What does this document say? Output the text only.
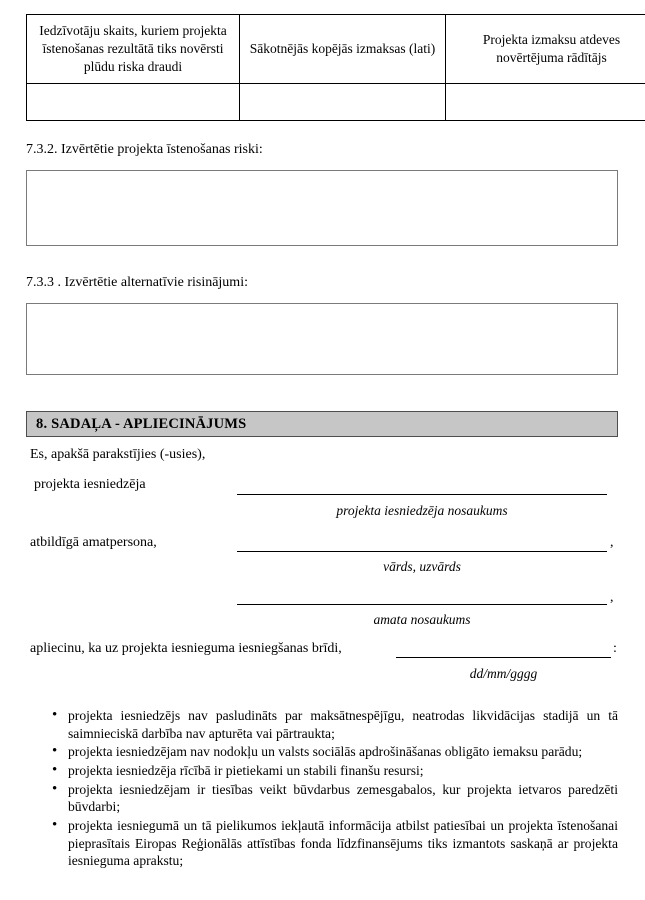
Iedzīvotāju skaits, kuriem projekta īstenošanas rezultātā tiks novērsti plūdu riska draudi	Sākotnējās kopējās izmaksas (lati)	Projekta izmaksu atdeves novērtējuma rādītājs

7.3.2. Izvērtētie projekta īstenošanas riski:
7.3.3 . Izvērtētie alternatīvie risinājumi:
8. SADAĻA - APLIECINĀJUMS
Es, apakšā parakstījies (-usies),
projekta iesniedzēja
projekta iesniedzēja nosaukums
atbildīgā amatpersona,	,
vārds, uzvārds
,
amata nosaukums
apliecinu, ka uz projekta iesnieguma iesniegšanas brīdi,	:
dd/mm/gggg
• projekta iesniedzējs nav pasludināts par maksātnespējīgu, neatrodas likvidācijas stadijā un tā saimnieciskā darbība nav apturēta vai pārtraukta;
• projekta iesniedzējam nav nodokļu un valsts sociālās apdrošināšanas obligāto iemaksu parādu;
• projekta iesniedzēja rīcībā ir pietiekami un stabili finanšu resursi;
• projekta iesniedzējam ir tiesības veikt būvdarbus zemesgabalos, kur projekta ietvaros paredzēti būvdarbi;
• projekta iesniegumā un tā pielikumos iekļautā informācija atbilst patiesībai un projekta īstenošanai pieprasītais Eiropas Reģionālās attīstības fonda līdzfinansējums tiks izmantots saskaņā ar projekta iesnieguma aprakstu;
